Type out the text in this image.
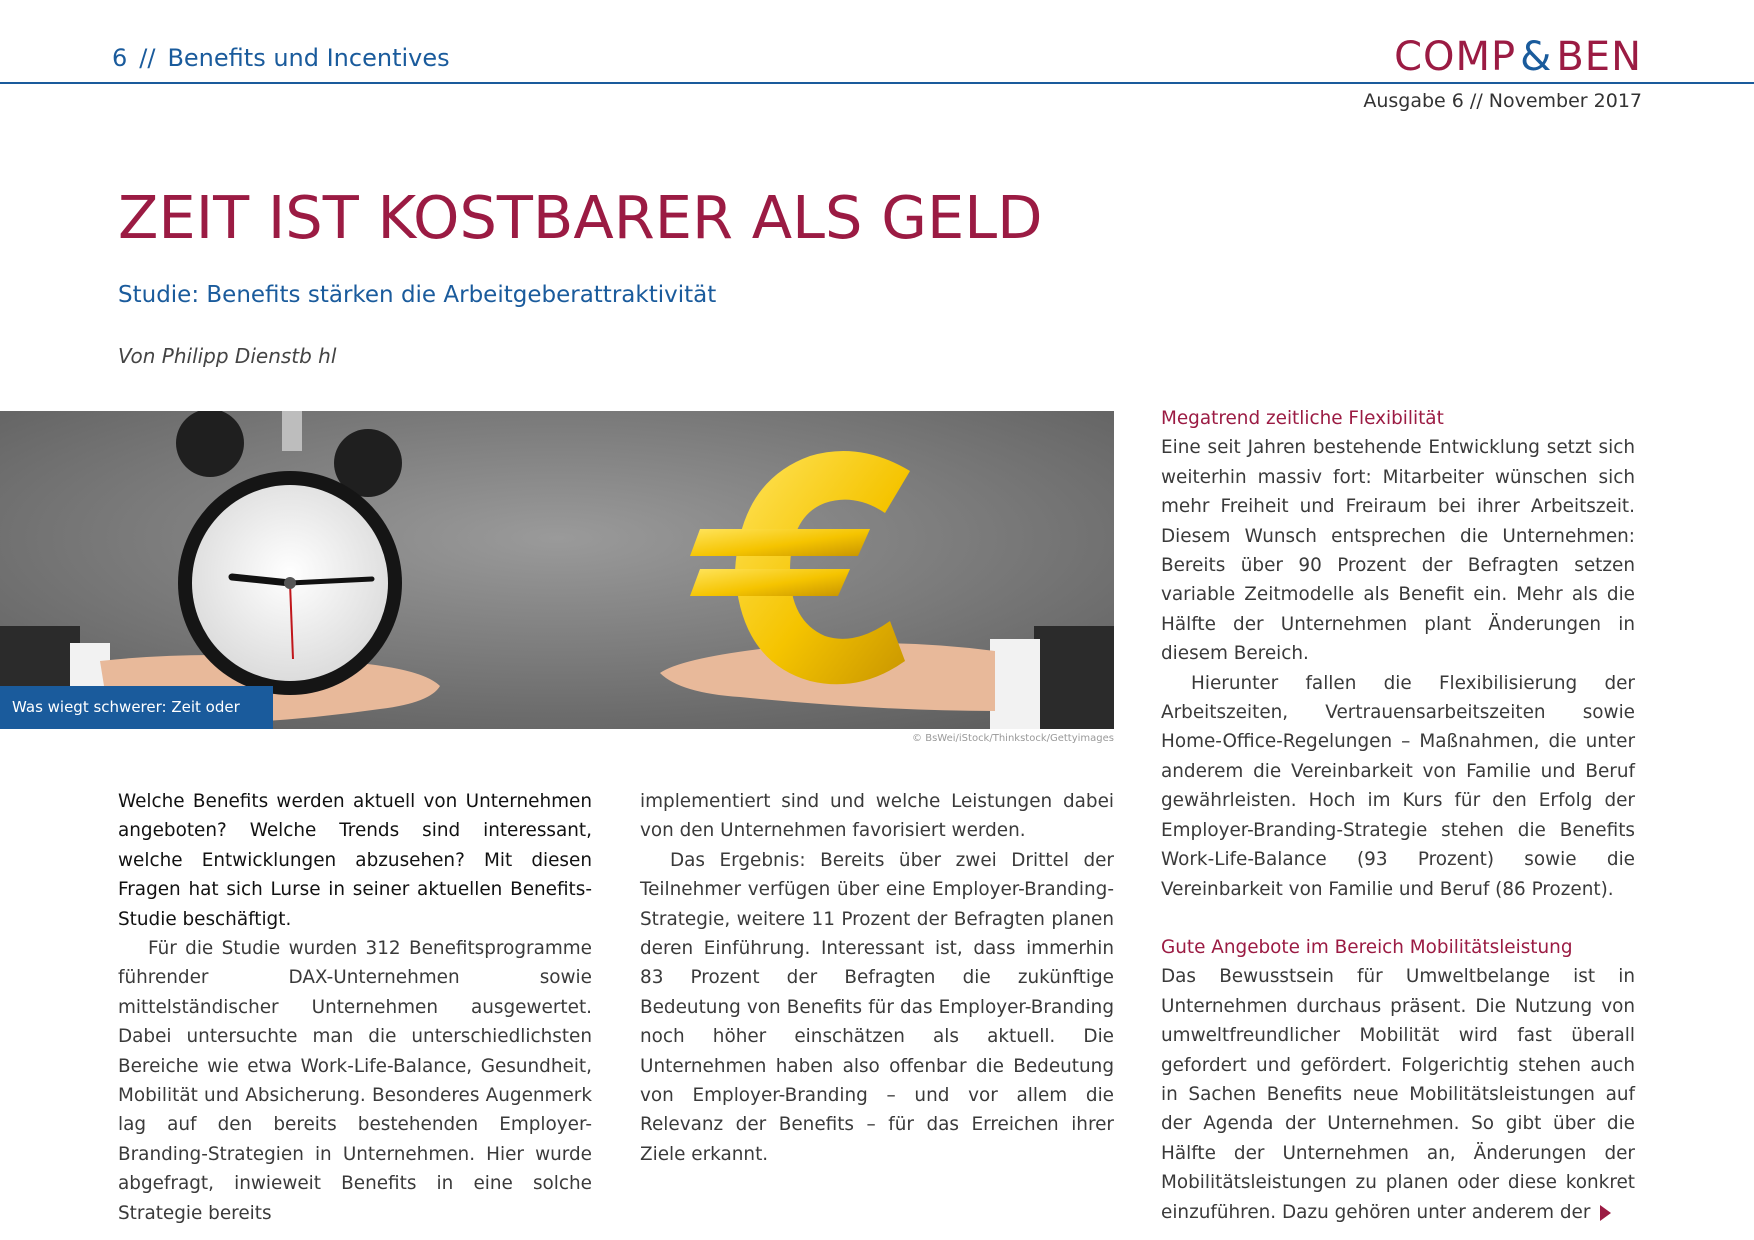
6 // Benefits und Incentives	COMP & BEN
Ausgabe 6 // November 2017
ZEIT IST KOSTBARER ALS GELD
Studie: Benefits stärken die Arbeitgeberattraktivität
Von Philipp Dienstb hl
Was wiegt schwerer: Zeit oder Geld?
© BsWei/iStock/Thinkstock/Gettyimages

Welche Benefits werden aktuell von Unternehmen angeboten? Welche Trends sind interessant, welche Entwicklungen abzusehen? Mit diesen Fragen hat sich Lurse in seiner aktuellen Benefits-Studie beschäftigt.

Für die Studie wurden 312 Benefitsprogramme führender DAX-Unternehmen sowie mittelständischer Unternehmen ausgewertet. Dabei untersuchte man die unterschiedlichsten Bereiche wie etwa Work-Life-Balance, Gesundheit, Mobilität und Absicherung. Besonderes Augenmerk lag auf den bereits bestehenden Employer-Branding-Strategien in Unternehmen. Hier wurde abgefragt, inwieweit Benefits in eine solche Strategie bereits

implementiert sind und welche Leistungen dabei von den Unternehmen favorisiert werden.

Das Ergebnis: Bereits über zwei Drittel der Teilnehmer verfügen über eine Employer-Branding-Strategie, weitere 11 Prozent der Befragten planen deren Einführung. Interessant ist, dass immerhin 83 Prozent der Befragten die zukünftige Bedeutung von Benefits für das Employer-Branding noch höher einschätzen als aktuell. Die Unternehmen haben also offenbar die Bedeutung von Employer-Branding – und vor allem die Relevanz der Benefits – für das Erreichen ihrer Ziele erkannt.

Megatrend zeitliche Flexibilität

Eine seit Jahren bestehende Entwicklung setzt sich weiterhin massiv fort: Mitarbeiter wünschen sich mehr Freiheit und Freiraum bei ihrer Arbeitszeit. Diesem Wunsch entsprechen die Unternehmen: Bereits über 90 Prozent der Befragten setzen variable Zeitmodelle als Benefit ein. Mehr als die Hälfte der Unternehmen plant Änderungen in diesem Bereich.

Hierunter fallen die Flexibilisierung der Arbeitszeiten, Vertrauensarbeitszeiten sowie Home-Office-Regelungen – Maßnahmen, die unter anderem die Vereinbarkeit von Familie und Beruf gewährleisten. Hoch im Kurs für den Erfolg der Employer-Branding-Strategie stehen die Benefits Work-Life-Balance (93 Prozent) sowie die Vereinbarkeit von Familie und Beruf (86 Prozent).

Gute Angebote im Bereich Mobilitätsleistung

Das Bewusstsein für Umweltbelange ist in Unternehmen durchaus präsent. Die Nutzung von umweltfreundlicher Mobilität wird fast überall gefordert und gefördert. Folgerichtig stehen auch in Sachen Benefits neue Mobilitätsleistungen auf der Agenda der Unternehmen. So gibt über die Hälfte der Unternehmen an, Änderungen der Mobilitätsleistungen zu planen oder diese konkret einzuführen. Dazu gehören unter anderem der
